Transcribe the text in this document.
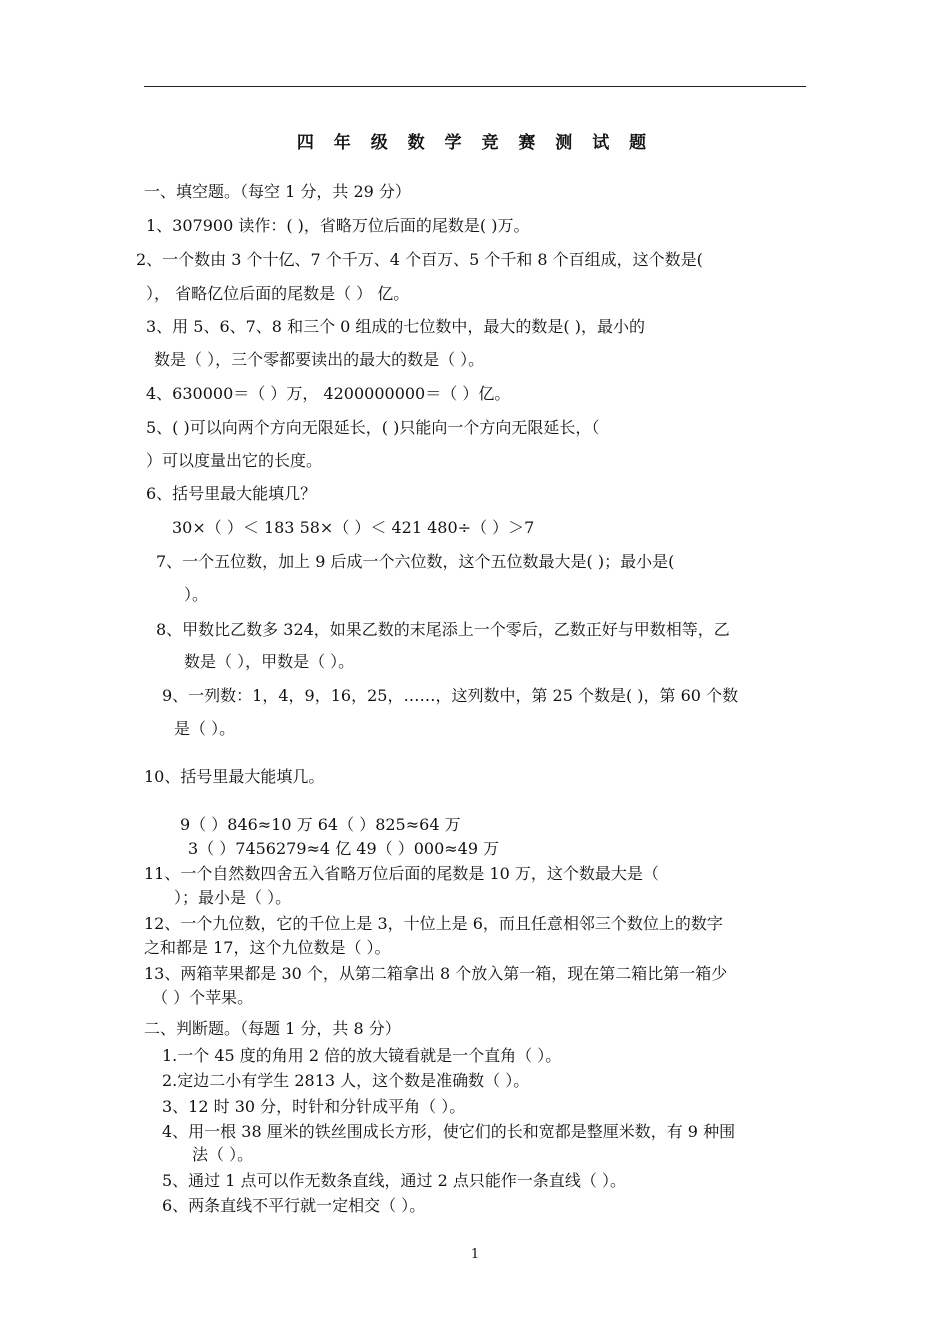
四 年 级 数 学 竞 赛 测 试 题
一、填空题。（每空 1 分，共 29 分）
1、307900 读作：( )，省略万位后面的尾数是( )万。
2、一个数由 3 个十亿、7 个千万、4 个百万、5 个千和 8 个百组成，这个数是(
）， 省略亿位后面的尾数是（ ） 亿。
3、用 5、6、7、8 和三个 0 组成的七位数中，最大的数是( )，最小的
数是（ ），三个零都要读出的最大的数是（ ）。
4、630000＝（ ）万， 4200000000＝（ ）亿。
5、( )可以向两个方向无限延长，( )只能向一个方向无限延长，（
）可以度量出它的长度。
6、括号里最大能填几？
30×（ ）＜ 183 58×（ ）＜ 421 480÷（ ）＞7
7、一个五位数，加上 9 后成一个六位数，这个五位数最大是( )；最小是(
）。
8、甲数比乙数多 324，如果乙数的末尾添上一个零后，乙数正好与甲数相等，乙
数是（ ），甲数是（ ）。
9、一列数：1，4，9，16，25，……，这列数中，第 25 个数是( )，第 60 个数
是（ ）。
10、括号里最大能填几。
9（ ）846≈10 万 64（ ）825≈64 万
3（ ）7456279≈4 亿 49（ ）000≈49 万
11、一个自然数四舍五入省略万位后面的尾数是 10 万，这个数最大是（
）；最小是（ ）。
12、一个九位数，它的千位上是 3，十位上是 6，而且任意相邻三个数位上的数字
之和都是 17，这个九位数是（ ）。
13、两箱苹果都是 30 个，从第二箱拿出 8 个放入第一箱，现在第二箱比第一箱少
（ ）个苹果。
二、判断题。（每题 1 分，共 8 分）
1.一个 45 度的角用 2 倍的放大镜看就是一个直角（ ）。
2.定边二小有学生 2813 人，这个数是准确数（ ）。
3、12 时 30 分，时针和分针成平角（ ）。
4、用一根 38 厘米的铁丝围成长方形，使它们的长和宽都是整厘米数，有 9 种围
法（ ）。
5、通过 1 点可以作无数条直线，通过 2 点只能作一条直线（ ）。
6、两条直线不平行就一定相交（ ）。
1
